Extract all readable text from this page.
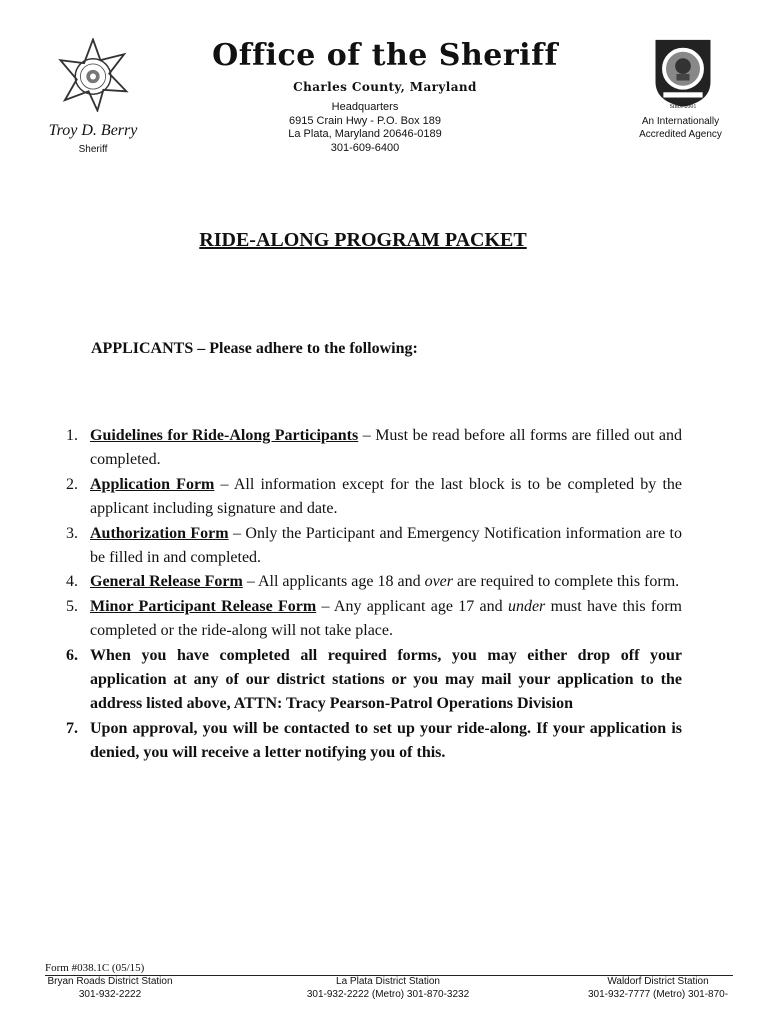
Since 2001
Office of the Sheriff
Charles County, Maryland
Headquarters
6915 Crain Hwy - P.O. Box 189
La Plata, Maryland 20646-0189
301-609-6400
Troy D. Berry
Sheriff
An Internationally
Accredited Agency
RIDE-ALONG PROGRAM PACKET
APPLICANTS – Please adhere to the following:
1. Guidelines for Ride-Along Participants – Must be read before all forms are filled out and completed.
2. Application Form – All information except for the last block is to be completed by the applicant including signature and date.
3. Authorization Form – Only the Participant and Emergency Notification information are to be filled in and completed.
4. General Release Form – All applicants age 18 and over are required to complete this form.
5. Minor Participant Release Form – Any applicant age 17 and under must have this form completed or the ride-along will not take place.
6. When you have completed all required forms, you may either drop off your application at any of our district stations or you may mail your application to the address listed above, ATTN: Tracy Pearson-Patrol Operations Division
7. Upon approval, you will be contacted to set up your ride-along. If your application is denied, you will receive a letter notifying you of this.
Form #038.1C (05/15)
Bryan Roads District Station
301-932-2222
La Plata District Station
301-932-2222 (Metro) 301-870-3232
Waldorf District Station
301-932-7777 (Metro) 301-870-
